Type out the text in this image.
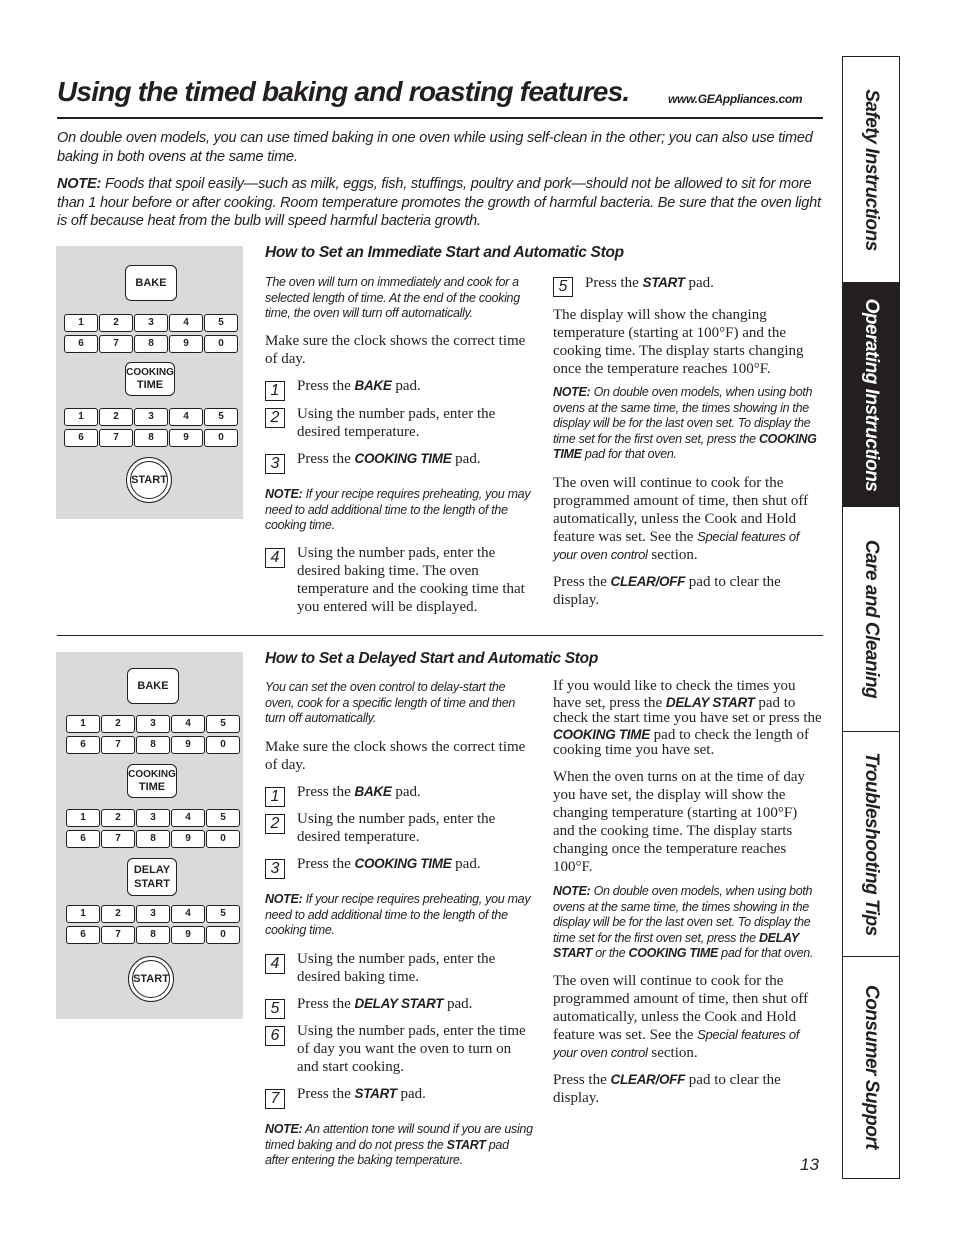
Using the timed baking and roasting features.	www.GEAppliances.com
On double oven models, you can use timed baking in one oven while using self-clean in the other; you can also use timed baking in both ovens at the same time.
NOTE: Foods that spoil easily—such as milk, eggs, fish, stuffings, poultry and pork—should not be allowed to sit for more than 1 hour before or after cooking. Room temperature promotes the growth of harmful bacteria. Be sure that the oven light is off because heat from the bulb will speed harmful bacteria growth.
BAKE
1	2	3	4	5
6	7	8	9	0
COOKING
TIME
1	2	3	4	5
6	7	8	9	0
START
How to Set an Immediate Start and Automatic Stop
The oven will turn on immediately and cook for a selected length of time. At the end of the cooking time, the oven will turn off automatically.
Make sure the clock shows the correct time of day.
1	Press the BAKE pad.
2	Using the number pads, enter the desired temperature.
3	Press the COOKING TIME pad.
NOTE: If your recipe requires preheating, you may need to add additional time to the length of the cooking time.
4	Using the number pads, enter the desired baking time. The oven temperature and the cooking time that you entered will be displayed.
5	Press the START pad.
The display will show the changing temperature (starting at 100°F) and the cooking time. The display starts changing once the temperature reaches 100°F.
NOTE: On double oven models, when using both ovens at the same time, the times showing in the display will be for the last oven set. To display the time set for the first oven set, press the COOKING TIME pad for that oven.
The oven will continue to cook for the programmed amount of time, then shut off automatically, unless the Cook and Hold feature was set. See the Special features of your oven control section.
Press the CLEAR/OFF pad to clear the display.
BAKE
1	2	3	4	5
6	7	8	9	0
COOKING
TIME
1	2	3	4	5
6	7	8	9	0
DELAY
START
1	2	3	4	5
6	7	8	9	0
START
How to Set a Delayed Start and Automatic Stop
You can set the oven control to delay-start the oven, cook for a specific length of time and then turn off automatically.
Make sure the clock shows the correct time of day.
1	Press the BAKE pad.
2	Using the number pads, enter the desired temperature.
3	Press the COOKING TIME pad.
NOTE: If your recipe requires preheating, you may need to add additional time to the length of the cooking time.
4	Using the number pads, enter the desired baking time.
5	Press the DELAY START pad.
6	Using the number pads, enter the time of day you want the oven to turn on and start cooking.
7	Press the START pad.
NOTE: An attention tone will sound if you are using timed baking and do not press the START pad after entering the baking temperature.
If you would like to check the times you have set, press the DELAY START pad to check the start time you have set or press the COOKING TIME pad to check the length of cooking time you have set.
When the oven turns on at the time of day you have set, the display will show the changing temperature (starting at 100°F) and the cooking time. The display starts changing once the temperature reaches 100°F.
NOTE: On double oven models, when using both ovens at the same time, the times showing in the display will be for the last oven set. To display the time set for the first oven set, press the DELAY START or the COOKING TIME pad for that oven.
The oven will continue to cook for the programmed amount of time, then shut off automatically, unless the Cook and Hold feature was set. See the Special features of your oven control section.
Press the CLEAR/OFF pad to clear the display.
13
Safety Instructions
Operating Instructions
Care and Cleaning
Troubleshooting Tips
Consumer Support
